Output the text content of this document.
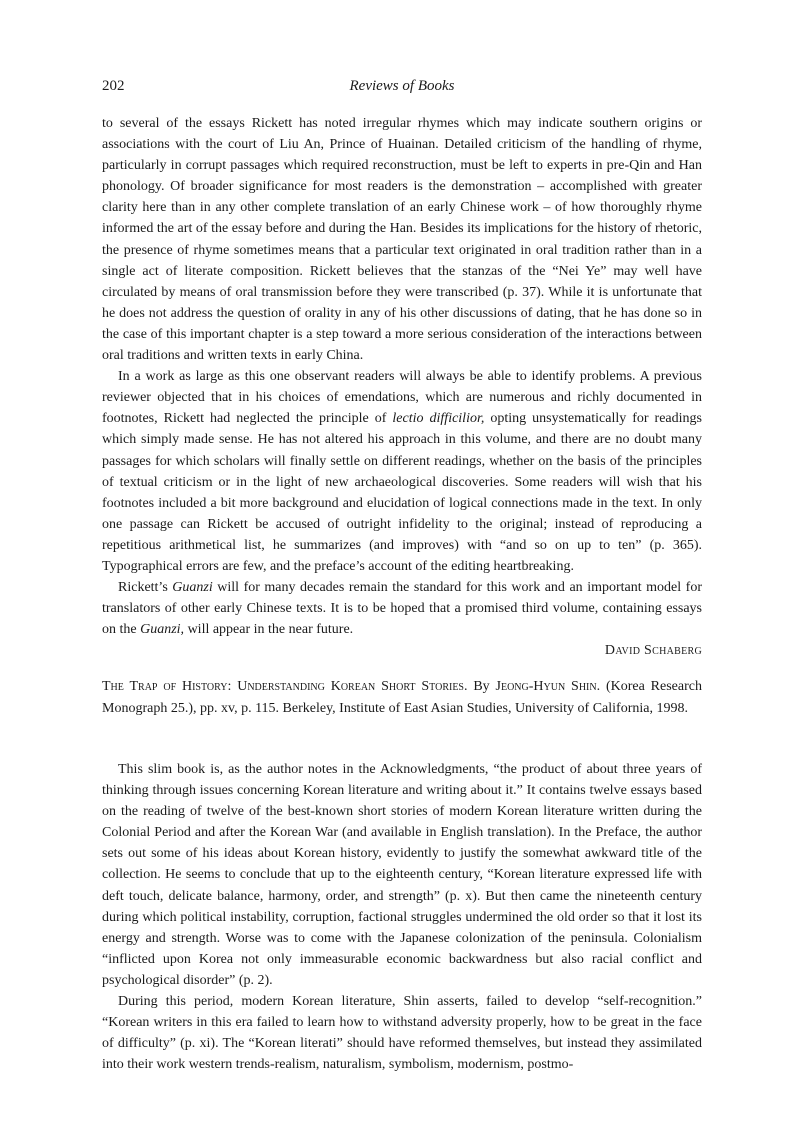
202	Reviews of Books

to several of the essays Rickett has noted irregular rhymes which may indicate southern origins or associations with the court of Liu An, Prince of Huainan. Detailed criticism of the handling of rhyme, particularly in corrupt passages which required reconstruction, must be left to experts in pre-Qin and Han phonology. Of broader significance for most readers is the demonstration – accomplished with greater clarity here than in any other complete translation of an early Chinese work – of how thoroughly rhyme informed the art of the essay before and during the Han. Besides its implications for the history of rhetoric, the presence of rhyme sometimes means that a particular text originated in oral tradition rather than in a single act of literate composition. Rickett believes that the stanzas of the “Nei Ye” may well have circulated by means of oral transmission before they were transcribed (p. 37). While it is unfortunate that he does not address the question of orality in any of his other discussions of dating, that he has done so in the case of this important chapter is a step toward a more serious consideration of the interactions between oral traditions and written texts in early China.

In a work as large as this one observant readers will always be able to identify problems. A previous reviewer objected that in his choices of emendations, which are numerous and richly documented in footnotes, Rickett had neglected the principle of lectio difficilior, opting unsystematically for readings which simply made sense. He has not altered his approach in this volume, and there are no doubt many passages for which scholars will finally settle on different readings, whether on the basis of the principles of textual criticism or in the light of new archaeological discoveries. Some readers will wish that his footnotes included a bit more background and elucidation of logical connections made in the text. In only one passage can Rickett be accused of outright infidelity to the original; instead of reproducing a repetitious arithmetical list, he summarizes (and improves) with “and so on up to ten” (p. 365). Typographical errors are few, and the preface’s account of the editing heartbreaking.

Rickett’s Guanzi will for many decades remain the standard for this work and an important model for translators of other early Chinese texts. It is to be hoped that a promised third volume, containing essays on the Guanzi, will appear in the near future.

David Schaberg

The Trap of History: Understanding Korean Short Stories. By Jeong-Hyun Shin. (Korea Research Monograph 25.), pp. xv, p. 115. Berkeley, Institute of East Asian Studies, University of California, 1998.

This slim book is, as the author notes in the Acknowledgments, “the product of about three years of thinking through issues concerning Korean literature and writing about it.” It contains twelve essays based on the reading of twelve of the best-known short stories of modern Korean literature written during the Colonial Period and after the Korean War (and available in English translation). In the Preface, the author sets out some of his ideas about Korean history, evidently to justify the somewhat awkward title of the collection. He seems to conclude that up to the eighteenth century, “Korean literature expressed life with deft touch, delicate balance, harmony, order, and strength” (p. x). But then came the nineteenth century during which political instability, corruption, factional struggles undermined the old order so that it lost its energy and strength. Worse was to come with the Japanese colonization of the peninsula. Colonialism “inflicted upon Korea not only immeasurable economic backwardness but also racial conflict and psychological disorder” (p. 2).

During this period, modern Korean literature, Shin asserts, failed to develop “self-recognition.” “Korean writers in this era failed to learn how to withstand adversity properly, how to be great in the face of difficulty” (p. xi). The “Korean literati” should have reformed themselves, but instead they assimilated into their work western trends-realism, naturalism, symbolism, modernism, postmo-
